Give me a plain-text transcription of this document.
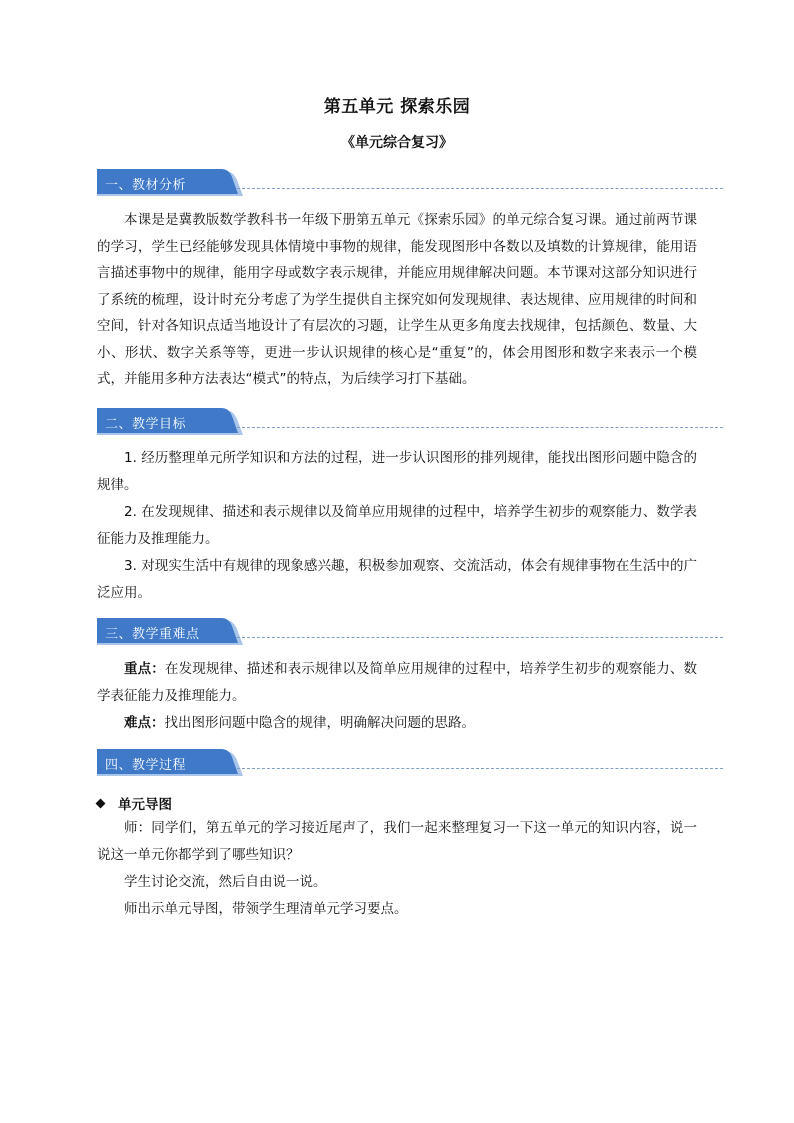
第五单元 探索乐园
《单元综合复习》
一、教材分析
本课是是冀教版数学教科书一年级下册第五单元《探索乐园》的单元综合复习课。通过前两节课的学习，学生已经能够发现具体情境中事物的规律，能发现图形中各数以及填数的计算规律，能用语言描述事物中的规律，能用字母或数字表示规律，并能应用规律解决问题。本节课对这部分知识进行了系统的梳理，设计时充分考虑了为学生提供自主探究如何发现规律、表达规律、应用规律的时间和空间，针对各知识点适当地设计了有层次的习题，让学生从更多角度去找规律，包括颜色、数量、大小、形状、数字关系等等，更进一步认识规律的核心是“重复”的，体会用图形和数字来表示一个模式，并能用多种方法表达“模式”的特点，为后续学习打下基础。
二、教学目标
1. 经历整理单元所学知识和方法的过程，进一步认识图形的排列规律，能找出图形问题中隐含的规律。
2. 在发现规律、描述和表示规律以及简单应用规律的过程中，培养学生初步的观察能力、数学表征能力及推理能力。
3. 对现实生活中有规律的现象感兴趣，积极参加观察、交流活动，体会有规律事物在生活中的广泛应用。
三、教学重难点
重点：在发现规律、描述和表示规律以及简单应用规律的过程中，培养学生初步的观察能力、数学表征能力及推理能力。
难点：找出图形问题中隐含的规律，明确解决问题的思路。
四、教学过程
单元导图
师：同学们，第五单元的学习接近尾声了，我们一起来整理复习一下这一单元的知识内容，说一说这一单元你都学到了哪些知识？
学生讨论交流，然后自由说一说。
师出示单元导图，带领学生理清单元学习要点。
